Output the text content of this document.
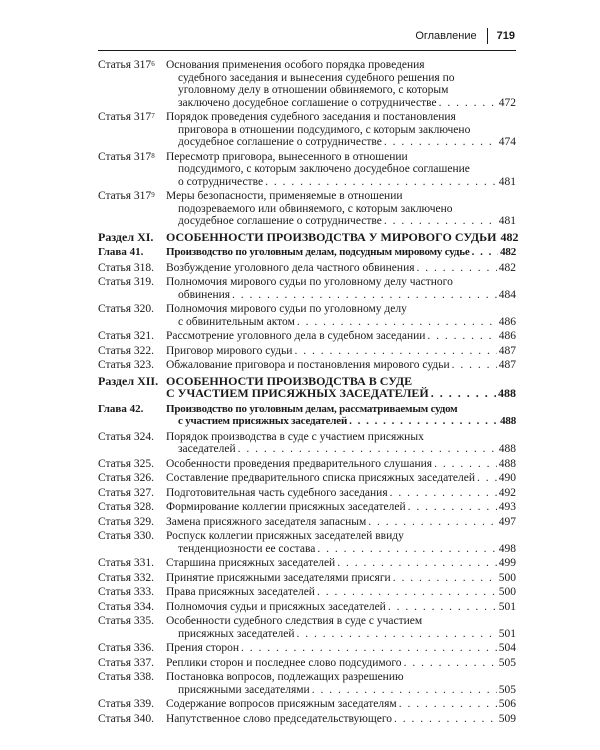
Оглавление 719
Статья $317^6$ Основания применения особого порядка проведения
судебного заседания и вынесения судебного решения по
уголовному делу в отношении обвиняемого, с которым
заключено досудебное соглашение о сотрудничестве . . .	472
Статья $317^7$ Порядок проведения судебного заседания и постановления
приговора в отношении подсудимого, с которым заключено
досудебное соглашение о сотрудничестве . . .	474
Статья $317^8$ Пересмотр приговора, вынесенного в отношении
подсудимого, с которым заключено досудебное соглашение
о сотрудничестве . . .	481
Статья $317^9$ Меры безопасности, применяемые в отношении
подозреваемого или обвиняемого, с которым заключено
досудебное соглашение о сотрудничестве . . .	481
Раздел XI.	ОСОБЕННОСТИ ПРОИЗВОДСТВА У МИРОВОГО СУДЬИ 482
Глава 41.	Производство по уголовным делам, подсудным мировому судье . . .	482
Статья 318.	Возбуждение уголовного дела частного обвинения . . .	482
Статья 319.	Полномочия мирового судьи по уголовному делу частного
обвинения . . .	484
Статья 320.	Полномочия мирового судьи по уголовному делу
с обвинительным актом . . .	486
Статья 321.	Рассмотрение уголовного дела в судебном заседании . . .	486
Статья 322.	Приговор мирового судьи . . .	487
Статья 323.	Обжалование приговора и постановления мирового судьи . . .	487
Раздел XII. ОСОБЕННОСТИ ПРОИЗВОДСТВА В СУДЕ
С УЧАСТИЕМ ПРИСЯЖНЫХ ЗАСЕДАТЕЛЕЙ . . .	488
Глава 42.	Производство по уголовным делам, рассматриваемым судом
с участием присяжных заседателей . . .	488
Статья 324.	Порядок производства в суде с участием присяжных
заседателей . . .	488
Статья 325.	Особенности проведения предварительного слушания . . .	488
Статья 326.	Составление предварительного списка присяжных заседателей . . . 490
Статья 327.	Подготовительная часть судебного заседания . . .	492
Статья 328.	Формирование коллегии присяжных заседателей . . .	493
Статья 329.	Замена присяжного заседателя запасным . . .	497
Статья 330.	Роспуск коллегии присяжных заседателей ввиду
тенденциозности ее состава . . .	498
Статья 331.	Старшина присяжных заседателей . . .	499
Статья 332.	Принятие присяжными заседателями присяги . . .	500
Статья 333.	Права присяжных заседателей . . .	500
Статья 334.	Полномочия судьи и присяжных заседателей . . .	501
Статья 335.	Особенности судебного следствия в суде с участием
присяжных заседателей . . .	501
Статья 336.	Прения сторон . . .	504
Статья 337.	Реплики сторон и последнее слово подсудимого . . .	505
Статья 338.	Постановка вопросов, подлежащих разрешению
присяжными заседателями . . .	505
Статья 339.	Содержание вопросов присяжным заседателям . . .	506
Статья 340.	Напутственное слово председательствующего . . .	509
